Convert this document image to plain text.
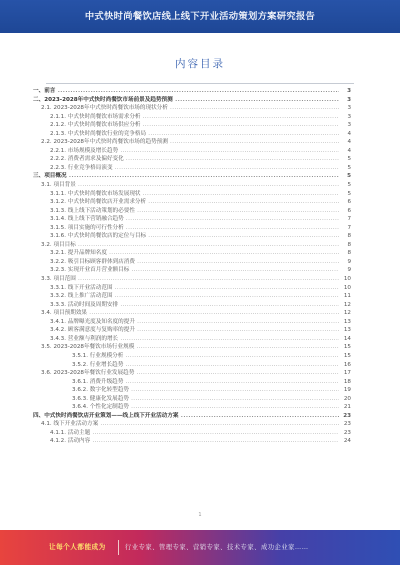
中式快时尚餐饮店线上线下开业活动策划方案研究报告
内容目录
一、前言 .....	3
二、2023-2028年中式快时尚餐饮市场前景及趋势预测 .....	3
2.1. 2023-2028年中式快时尚餐饮市场的现状分析 .....	3
2.1.1. 中式快时尚餐饮市场需求分析 .....	3
2.1.2. 中式快时尚餐饮市场供应分析 .....	3
2.1.3. 中式快时尚餐饮行业的竞争格局 .....	4
2.2. 2023-2028年中式快时尚餐饮市场的趋势预测 .....	4
2.2.1. 市场规模及增长趋势 .....	4
2.2.2. 消费者需求及偏好变化 .....	5
2.2.3. 行业竞争格局演变 .....	5
三、项目概况 .....	5
3.1. 项目背景 .....	5
3.1.1. 中式快时尚餐饮市场发展现状 .....	5
3.1.2. 中式快时尚餐饮店开业需求分析 .....	6
3.1.3. 线上线下活动策划的必要性 .....	6
3.1.4. 线上线下营销融合趋势 .....	7
3.1.5. 项目实施的可行性分析 .....	7
3.1.6. 中式快时尚餐饮店的定位与目标 .....	8
3.2. 项目目标 .....	8
3.2.1. 提升品牌知名度 .....	8
3.2.2. 吸引目标顾客群体到店消费 .....	9
3.2.3. 实现开业首月营业额目标 .....	9
3.3. 项目范围 .....	10
3.3.1. 线下开业活动范围 .....	10
3.3.2. 线上推广活动范围 .....	11
3.3.3. 活动时间及周期安排 .....	12
3.4. 项目预期效果 .....	12
3.4.1. 品牌曝光度及知名度的提升 .....	13
3.4.2. 顾客满意度与复购率的提升 .....	13
3.4.3. 营业额与利润的增长 .....	14
3.5. 2023-2028年餐饮市场行业规模 .....	15
3.5.1. 行业规模分析 .....	15
3.5.2. 行业增长趋势 .....	16
3.6. 2023-2028年餐饮行业发展趋势 .....	17
3.6.1. 消费升级趋势 .....	18
3.6.2. 数字化转型趋势 .....	19
3.6.3. 健康化发展趋势 .....	20
3.6.4. 个性化定制趋势 .....	21
四、中式快时尚餐饮店开业策划——线上线下开业活动方案 .....	23
4.1. 线下开业活动方案 .....	23
4.1.1. 活动主题 .....	23
4.1.2. 活动内容 .....	24
1
让每个人都能成为	行业专家、管理专家、营销专家、技术专家、成功企业家……
